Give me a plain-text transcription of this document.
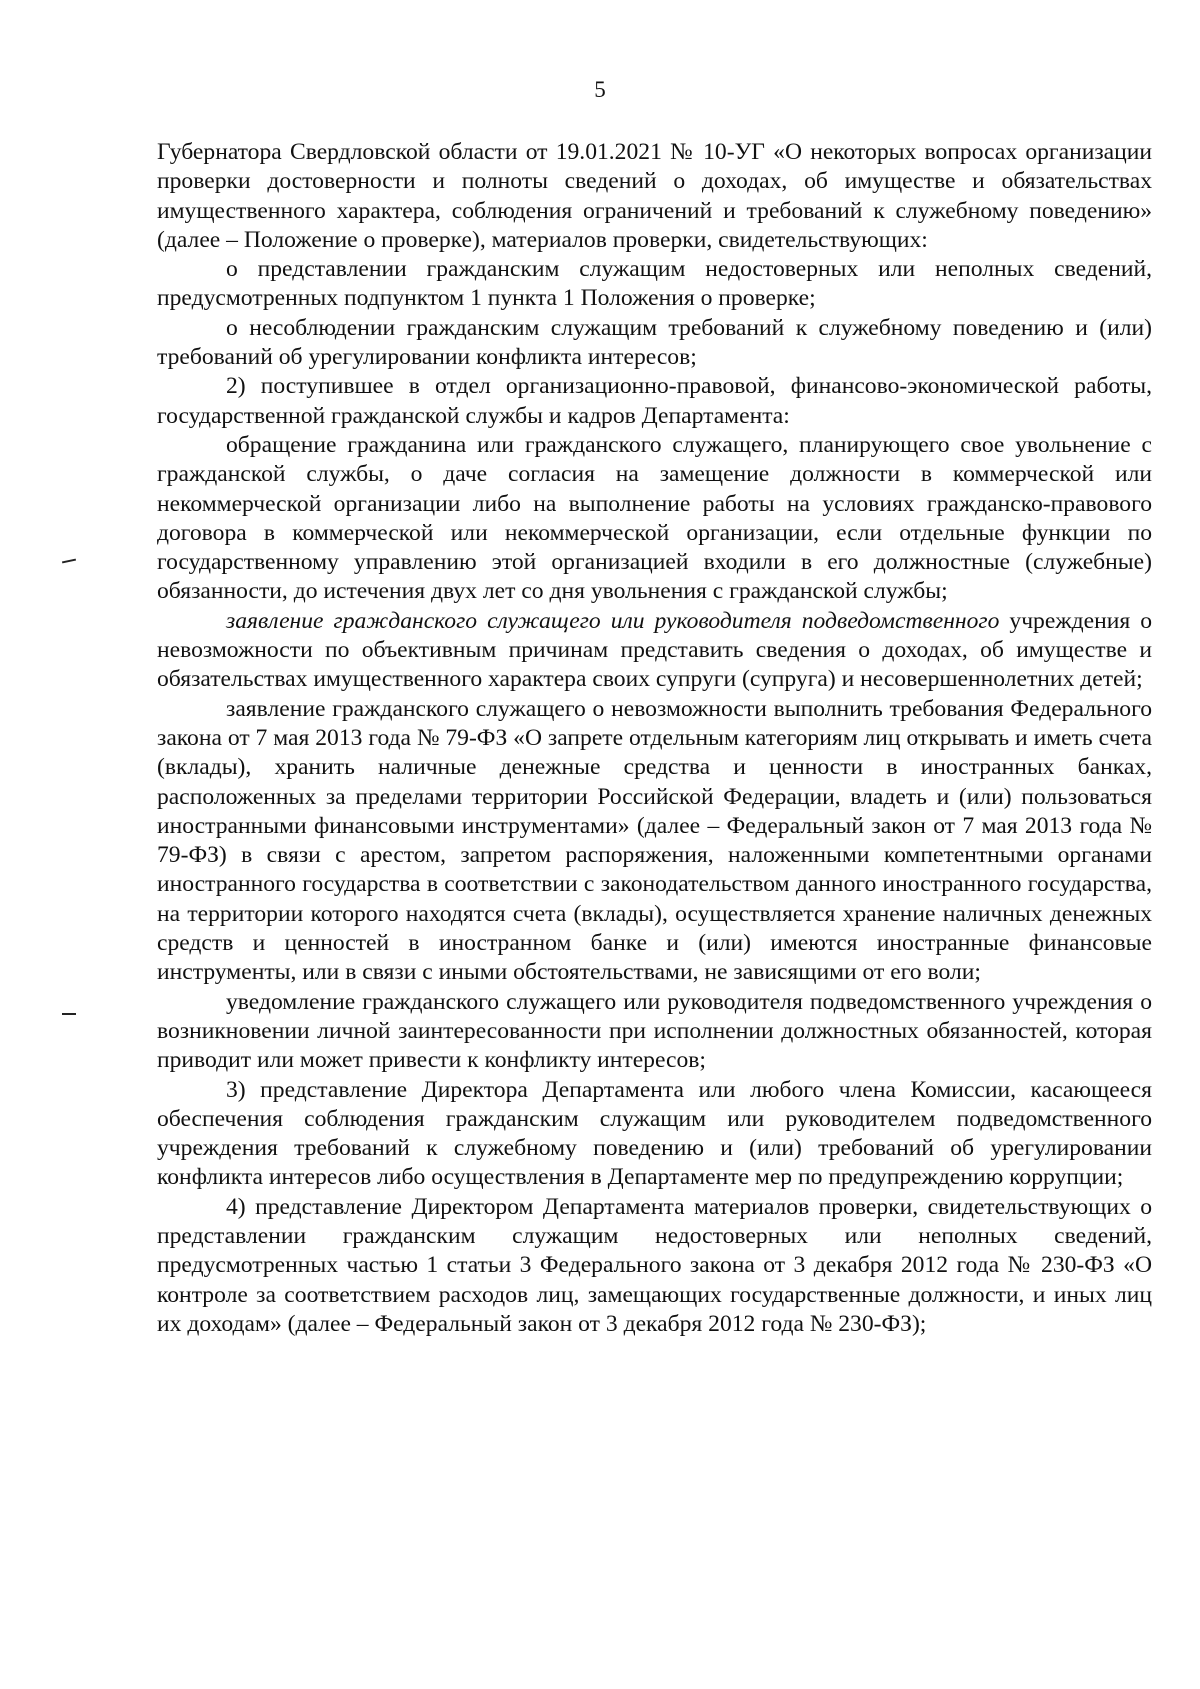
5

Губернатора Свердловской области от 19.01.2021 № 10-УГ «О некоторых вопросах организации проверки достоверности и полноты сведений о доходах, об имуществе и обязательствах имущественного характера, соблюдения ограничений и требований к служебному поведению» (далее – Положение о проверке), материалов проверки, свидетельствующих:

о представлении гражданским служащим недостоверных или неполных сведений, предусмотренных подпунктом 1 пункта 1 Положения о проверке;

о несоблюдении гражданским служащим требований к служебному поведению и (или) требований об урегулировании конфликта интересов;

2) поступившее в отдел организационно-правовой, финансово-экономической работы, государственной гражданской службы и кадров Департамента:

обращение гражданина или гражданского служащего, планирующего свое увольнение с гражданской службы, о даче согласия на замещение должности в коммерческой или некоммерческой организации либо на выполнение работы на условиях гражданско-правового договора в коммерческой или некоммерческой организации, если отдельные функции по государственному управлению этой организацией входили в его должностные (служебные) обязанности, до истечения двух лет со дня увольнения с гражданской службы;

заявление гражданского служащего или руководителя подведомственного учреждения о невозможности по объективным причинам представить сведения о доходах, об имуществе и обязательствах имущественного характера своих супруги (супруга) и несовершеннолетних детей;

заявление гражданского служащего о невозможности выполнить требования Федерального закона от 7 мая 2013 года № 79-ФЗ «О запрете отдельным категориям лиц открывать и иметь счета (вклады), хранить наличные денежные средства и ценности в иностранных банках, расположенных за пределами территории Российской Федерации, владеть и (или) пользоваться иностранными финансовыми инструментами» (далее – Федеральный закон от 7 мая 2013 года № 79-ФЗ) в связи с арестом, запретом распоряжения, наложенными компетентными органами иностранного государства в соответствии с законодательством данного иностранного государства, на территории которого находятся счета (вклады), осуществляется хранение наличных денежных средств и ценностей в иностранном банке и (или) имеются иностранные финансовые инструменты, или в связи с иными обстоятельствами, не зависящими от его воли;

уведомление гражданского служащего или руководителя подведомственного учреждения о возникновении личной заинтересованности при исполнении должностных обязанностей, которая приводит или может привести к конфликту интересов;

3) представление Директора Департамента или любого члена Комиссии, касающееся обеспечения соблюдения гражданским служащим или руководителем подведомственного учреждения требований к служебному поведению и (или) требований об урегулировании конфликта интересов либо осуществления в Департаменте мер по предупреждению коррупции;

4) представление Директором Департамента материалов проверки, свидетельствующих о представлении гражданским служащим недостоверных или неполных сведений, предусмотренных частью 1 статьи 3 Федерального закона от 3 декабря 2012 года № 230-ФЗ «О контроле за соответствием расходов лиц, замещающих государственные должности, и иных лиц их доходам» (далее – Федеральный закон от 3 декабря 2012 года № 230-ФЗ);
